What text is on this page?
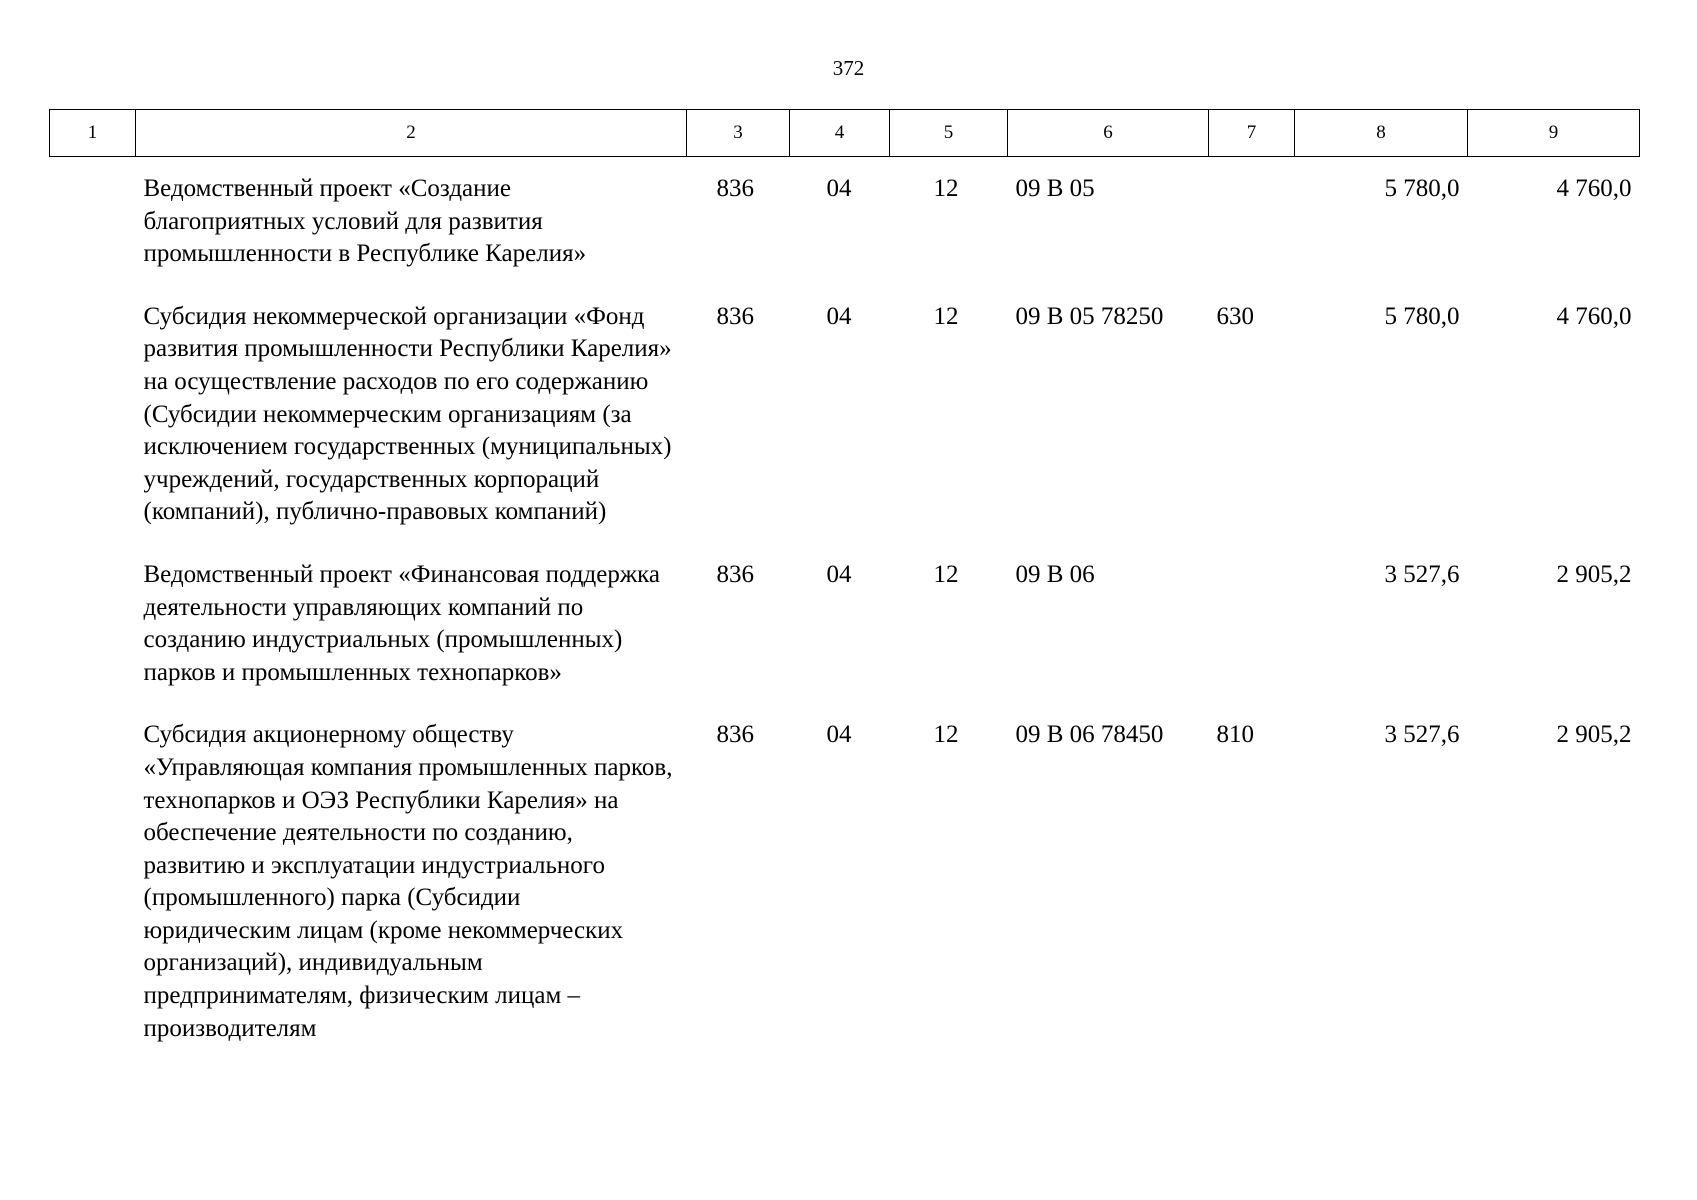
372
1	2	3	4	5	6	7	8	9
	Ведомственный проект «Создание благоприятных условий для развития промышленности в Республике Карелия»	836	04	12	09 В 05		5 780,0	4 760,0
	Субсидия некоммерческой организации «Фонд развития промышленности Республики Карелия» на осуществление расходов по его содержанию (Субсидии некоммерческим организациям (за исключением государственных (муниципальных) учреждений, государственных корпораций (компаний), публично-правовых компаний)	836	04	12	09 В 05 78250	630	5 780,0	4 760,0
	Ведомственный проект «Финансовая поддержка деятельности управляющих компаний по созданию индустриальных (промышленных) парков и промышленных технопарков»	836	04	12	09 В 06		3 527,6	2 905,2
	Субсидия акционерному обществу «Управляющая компания промышленных парков, технопарков и ОЭЗ Республики Карелия» на обеспечение деятельности по созданию, развитию и эксплуатации индустриального (промышленного) парка (Субсидии юридическим лицам (кроме некоммерческих организаций), индивидуальным предпринимателям, физическим лицам – производителям	836	04	12	09 В 06 78450	810	3 527,6	2 905,2
